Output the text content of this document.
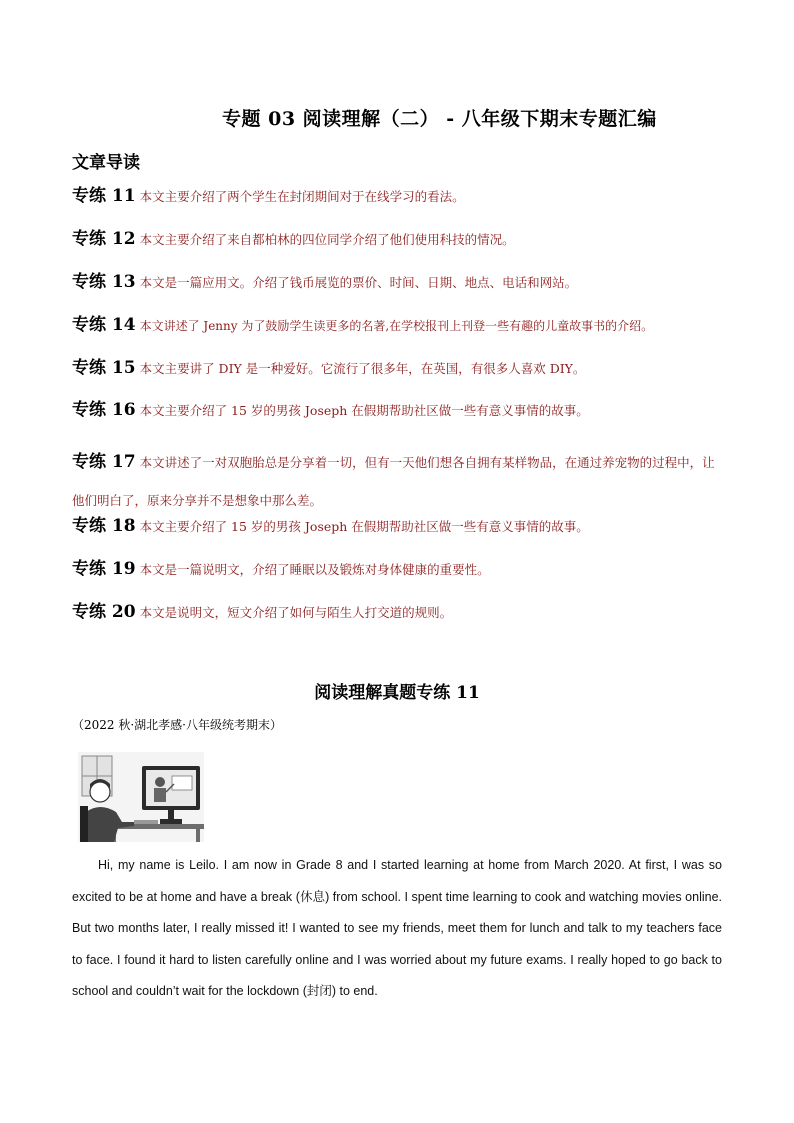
专题 03 阅读理解（二） - 八年级下期末专题汇编
文章导读

专练 11 本文主要介绍了两个学生在封闭期间对于在线学习的看法。

专练 12 本文主要介绍了来自都柏林的四位同学介绍了他们使用科技的情况。

专练 13 本文是一篇应用文。介绍了钱币展览的票价、时间、日期、地点、电话和网站。

专练 14 本文讲述了 Jenny 为了鼓励学生读更多的名著,在学校报刊上刊登一些有趣的儿童故事书的介绍。

专练 15 本文主要讲了 DIY 是一种爱好。它流行了很多年，在英国，有很多人喜欢 DIY。

专练 16 本文主要介绍了 15 岁的男孩 Joseph 在假期帮助社区做一些有意义事情的故事。

专练 17 本文讲述了一对双胞胎总是分享着一切，但有一天他们想各自拥有某样物品，在通过养宠物的过程中，让他们明白了，原来分享并不是想象中那么差。

专练 18 本文主要介绍了 15 岁的男孩 Joseph 在假期帮助社区做一些有意义事情的故事。

专练 19 本文是一篇说明文，介绍了睡眠以及锻炼对身体健康的重要性。

专练 20 本文是说明文，短文介绍了如何与陌生人打交道的规则。

阅读理解真题专练 11
（2022 秋·湖北孝感·八年级统考期末）
Hi, my name is Leilo. I am now in Grade 8 and I started learning at home from March 2020. At first, I was so excited to be at home and have a break (休息) from school. I spent time learning to cook and watching movies online. But two months later, I really missed it! I wanted to see my friends, meet them for lunch and talk to my teachers face to face. I found it hard to listen carefully online and I was worried about my future exams. I really hoped to go back to school and couldn’t wait for the lockdown (封闭) to end.
